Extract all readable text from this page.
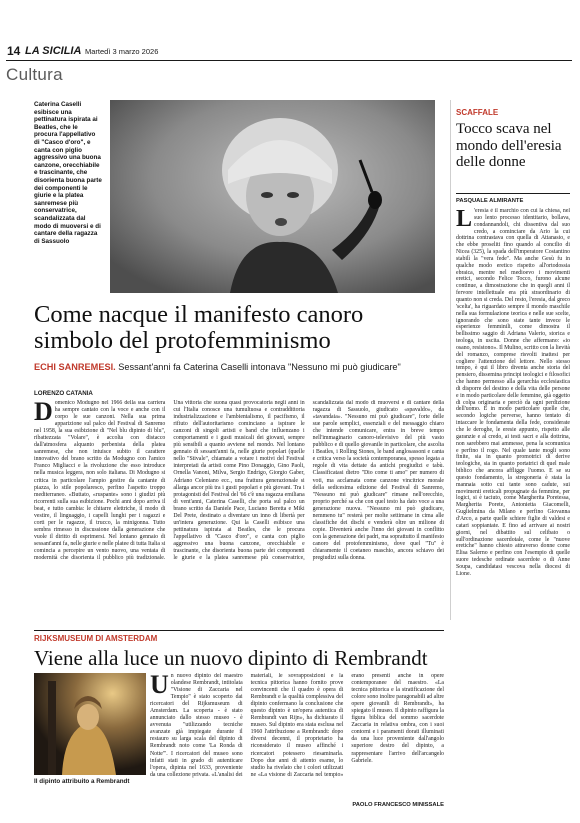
14 LA SICILIA Martedì 3 marzo 2026
Cultura
Caterina Caselli esibisce una pettinatura ispirata ai Beatles, che le procura l'appellativo di "Casco d'oro", e canta con piglio aggressivo una buona canzone, orecchiabile e trascinante, che disorienta buona parte dei componenti le giurie e la platea sanremese più conservatrice, scandalizzata dal modo di muoversi e di cantare della ragazza di Sassuolo
Come nacque il manifesto canoro simbolo del protofemminismo
ECHI SANREMESI. Sessant'anni fa Caterina Caselli intonava "Nessuno mi può giudicare"
LORENZO CATANIA

Domenico Modugno nel 1966 della sua carriera ha sempre cantato con la voce e anche con il corpo le sue canzoni. Nella sua prima apparizione sul palco del Festival di Sanremo nel 1958, la sua esibizione di "Nel blu dipinto di blu", ribattezzata "Volare", è accolta con distacco dall'atmosfera alquanto perbenista della platea sanremese, che non intuisce subito il carattere innovativo del brano scritto da Modugno con l'amico Franco Migliacci e la rivoluzione che esso introduce nella musica leggera, non solo italiana. Di Modugno si critica in particolare l'ampio gestire da cantante di piazza, lo stile popolaresco, perfino l'aspetto troppo mediterraneo. «Buttato, «ruspante» sono i giudizi più ricorrenti sulla sua esibizione. Pochi anni dopo arriva il beat, e tutto cambia: le chitarre elettriche, il modo di vestire, il linguaggio, i capelli lunghi per i ragazzi e corti per le ragazze, il trucco, la minigonna. Tutto sembra rimesso in discussione dalla generazione che vuole il diritto di esprimersi. Nel lontano gennaio di sessant'anni fa, nelle giurie e nelle platee di tutta Italia si comincia a percepire un vento nuovo, una ventata di modernità che disorienta il pubblico più tradizionale. Una vittoria che suona quasi provocatoria negli anni in cui l'Italia conosce una tumultuosa e contraddittoria industrializzazione e l'ambientalismo, il pacifismo, il rifiuto dell'autoritarismo cominciano a ispirare le canzoni di singoli artisti e band che influenzano i comportamenti e i gusti musicali dei giovani, sempre più sensibili a quanto avviene nel mondo. Nel lontano gennaio di sessant'anni fa, nelle giurie popolari (quelle nello "Stivale", chiamate a votare i motivi del Festival interpretati da artisti come Pino Donaggio, Gino Paoli, Ornella Vanoni, Milva, Sergio Endrigo, Giorgio Gaber, Adriano Celentano ecc., una frattura generazionale si allarga ancor più tra i gusti popolari e più giovani. Tra i protagonisti del Festival del '66 c'è una ragazza emiliana di vent'anni, Caterina Caselli, che porta sul palco un brano scritto da Daniele Pace, Luciano Beretta e Miki Del Prete, destinato a diventare un inno di libertà per un'intera generazione. Qui la Caselli esibisce una pettinatura ispirata ai Beatles, che le procura l'appellativo di "Casco d'oro", e canta con piglio aggressivo una buona canzone, orecchiabile e trascinante, che disorienta buona parte dei componenti le giurie e la platea sanremese più conservatrice, scandalizzata dal modo di muoversi e di cantare della ragazza di Sassuolo, giudicato «spavaldo», da «tavandaia». "Nessuno mi può giudicare", forte delle sue parole semplici, essenziali e del messaggio chiaro che intende comunicare, entra in breve tempo nell'immaginario canoro-televisivo del più vasto pubblico e di quello giovanile in particolare, che ascolta i Beatles, i Rolling Stones, le band anglosassoni e canta e critica verso la società contemporanea, spesso legata a regole di vita dettate da antichi pregiudizi e tabù. Classificatasi dietro "Dio come ti amo" per numero di voti, ma acclamata come canzone vincitrice morale della sedicesima edizione del Festival di Sanremo, "Nessuno mi può giudicare" rimane nell'orecchio, proprio perché sa che con quel testo ha dato voce a una generazione nuova. "Nessuno mi può giudicare, nemmeno tu" resterà per molte settimane in cima alle classifiche dei dischi e venderà oltre un milione di copie. Diventerà anche l'inno dei giovani in conflitto con la generazione dei padri, ma soprattutto il manifesto canoro del protofemminismo, dove quel "Tu" è chiaramente il coetaneo maschio, ancora schiavo dei pregiudizi sulla donna.

SCAFFALE
Tocco scava nel mondo dell'eresia delle donne
PASQUALE ALMIRANTE

L 'eresia è il marchio con cui la chiesa, nel suo lento processo identitario, bollava, condannandoli, chi dissentiva dal suo credo, a cominciare da Ario la cui dottrina contrastava con quella di Attanasio, e che ebbe proseliti fino quando al concilio di Nicea (325), la spada dell'imperatore Costantino stabilì la "vera fede". Ma anche Gesù fu in qualche modo eretico rispetto all'ortodossia ebraica, mentre nel medioevo i movimenti eretici, secondo Felice Tocco, furono alcune continue, a dimostrazione che in quegli anni il fervore intellettuale era più straordinario di quanto non si creda. Del resto, l'eresia, dal greco 'scelta', ha riguardato sempre il mondo maschile nella sua formulazione teorica e nelle sue scelte, ignorando che sono state tante invece le esperienze femminili, come dimostra il bellissimo saggio di Adriana Valerio, storica e teologa, in uscita. Donne che affermano: «io osano, resistono». Il Mulino, scritto con la lievità del romanzo, comprese risvolti inattesi per cogliere l'attenzione del lettore. Nello stesso tempo, è qui il libro diventa anche storia del pensiero, dissemina principi teologici e filosofici che hanno permesso alla gerarchia ecclesiastica di disporre del destino e della vita delle persone e in modo particolare delle femmine, già oggetto di colpa originaria e perciò da ogni perdizione dell'uomo. E in modo particolare quelle che, secondo logiche perverse, hanno tentato di intaccare le fondamenta della fede, considerate che le deroghe, le eresie appunto, rispetto alle garanzie e al credo, ai testi sacri e alla dottrina, non sarebbero mai ammesse, pena la scomunica e perfino il rogo. Nel quale tante mogli sono finite, sia in quanto promotrici di derive teologiche, sia in quanto portatrici di quel male biblico che ancora affligge l'uomo. E se su questo fondamento, la stregoneria è stata la mannaia sotto cui tante sono cadute, sui movimenti ereticali propugnate da femmine, per logici, si è taciuto, come Margherita Poretessa, Margherita Porete, Antonietta Giacomelli, Guglielmina da Milano e perfino Giovanna d'Arco, a parte quelle schiere figlie di valdesi e catari soppiantate. E fino ad arrivare ai nostri giorni, nel dibattito sul celibato o sull'ordinazione sacerdotale, come le "nuove eretiche" hanno chiesto attraverso donne come Elisa Salerno e perfino con l'esempio di quelle suore tedesche ordinate sacerdote o di Anne Soupa, candidatasi vescova nella diocesi di Lione.

RIJKSMUSEUM DI AMSTERDAM
Viene alla luce un nuovo dipinto di Rembrandt
Il dipinto attribuito a Rembrandt

Un nuovo dipinto del maestro olandese Rembrandt, intitolata "Visione di Zaccaria nel Tempio" è stato scoperto dai ricercatori del Rijksmuseum di Amsterdam. La scoperta - è stato annunciato dallo stesso museo - è avvenuta "utilizzando tecniche avanzate già impiegate durante il restauro su larga scala del dipinto di Rembrandt noto come 'La Ronda di Notte'". I ricercatori del museo sono infatti stati in grado di autenticare l'opera, dipinta nel 1633, proveniente da una collezione privata. «L'analisi dei materiali, le sovrapposizioni e la tecnica pittorica hanno fornito prove convincenti che il quadro è opera di Rembrandt e la qualità complessiva del dipinto confermano la conclusione che questo dipinto è un'opera autentica di Rembrandt van Rijn», ha dichiarato il museo. Sul dipinto era stata esclusa nel 1960 l'attribuzione a Rembrandt: dopo diversi decenni, il proprietario ha riconsiderato il museo affinché i ricercatori potessero riesaminarla. Dopo due anni di attento esame, lo studio ha rivelato che i colori utilizzati ne «La visione di Zaccaria nel tempio» erano presenti anche in opere contemporanee del maestro. «La tecnica pittorica e la stratificazione del colore sono inoltre paragonabili ad altre opere giovanili di Rembrandt», ha spiegato il museo. Il dipinto raffigura la figura biblica del sommo sacerdote Zaccaria in relativa ombra, con i suoi contorni e i paramenti dorati illuminati da una luce proveniente dall'angolo superiore destro del dipinto, a rappresentare l'arrivo dell'arcangelo Gabriele.

PAOLO FRANCESCO MINISSALE
